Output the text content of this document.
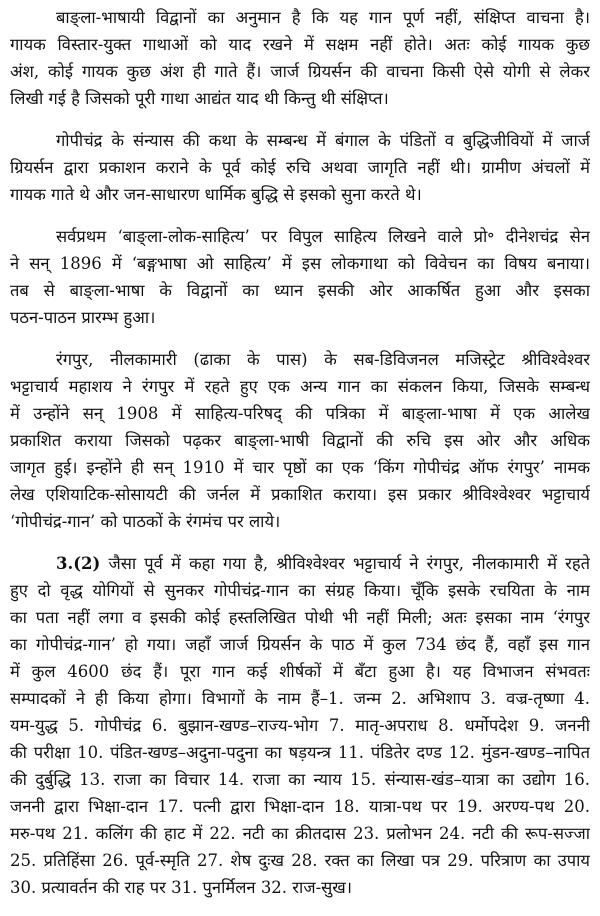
बाङ्ला-भाषायी विद्वानों का अनुमान है कि यह गान पूर्ण नहीं, संक्षिप्त वाचना है।
गायक विस्तार-युक्त गाथाओं को याद रखने में सक्षम नहीं होते। अतः कोई गायक कुछ
अंश, कोई गायक कुछ अंश ही गाते हैं। जार्ज ग्रियर्सन की वाचना किसी ऐसे योगी से लेकर
लिखी गई है जिसको पूरी गाथा आद्यंत याद थी किन्तु थी संक्षिप्त।
गोपीचंद्र के संन्यास की कथा के सम्बन्ध में बंगाल के पंडितों व बुद्धिजीवियों में जार्ज
ग्रियर्सन द्वारा प्रकाशन कराने के पूर्व कोई रुचि अथवा जागृति नहीं थी। ग्रामीण अंचलों में
गायक गाते थे और जन-साधारण धार्मिक बुद्धि से इसको सुना करते थे।
सर्वप्रथम ‘बाङ्ला-लोक-साहित्य’ पर विपुल साहित्य लिखने वाले प्रो॰ दीनेशचंद्र सेन
ने सन् 1896 में ‘बङ्गभाषा ओ साहित्य’ में इस लोकगाथा को विवेचन का विषय बनाया।
तब से बाङ्ला-भाषा के विद्वानों का ध्यान इसकी ओर आकर्षित हुआ और इसका
पठन-पाठन प्रारम्भ हुआ।
रंगपुर, नीलकामारी (ढाका के पास) के सब-डिविजनल मजिस्ट्रेट श्रीविश्वेश्वर
भट्टाचार्य महाशय ने रंगपुर में रहते हुए एक अन्य गान का संकलन किया, जिसके सम्बन्ध
में उन्होंने सन् 1908 में साहित्य-परिषद् की पत्रिका में बाङ्ला-भाषा में एक आलेख
प्रकाशित कराया जिसको पढ़कर बाङ्ला-भाषी विद्वानों की रुचि इस ओर और अधिक
जागृत हुई। इन्होंने ही सन् 1910 में चार पृष्ठों का एक ‘किंग गोपीचंद्र ऑफ रंगपुर’ नामक
लेख एशियाटिक-सोसायटी की जर्नल में प्रकाशित कराया। इस प्रकार श्रीविश्वेश्वर भट्टाचार्य
‘गोपीचंद्र-गान’ को पाठकों के रंगमंच पर लाये।
3.(2) जैसा पूर्व में कहा गया है, श्रीविश्वेश्वर भट्टाचार्य ने रंगपुर, नीलकामारी में रहते
हुए दो वृद्ध योगियों से सुनकर गोपीचंद्र-गान का संग्रह किया। चूँकि इसके रचयिता के नाम
का पता नहीं लगा व इसकी कोई हस्तलिखित पोथी भी नहीं मिली; अतः इसका नाम ‘रंगपुर
का गोपीचंद्र-गान’ हो गया। जहाँ जार्ज ग्रियर्सन के पाठ में कुल 734 छंद हैं, वहाँ इस गान
में कुल 4600 छंद हैं। पूरा गान कई शीर्षकों में बँटा हुआ है। यह विभाजन संभवतः
सम्पादकों ने ही किया होगा। विभागों के नाम हैं–1. जन्म 2. अभिशाप 3. वज्र-तृष्णा 4.
यम-युद्ध 5. गोपीचंद्र 6. बुझान-खण्ड–राज्य-भोग 7. मातृ-अपराध 8. धर्मोपदेश 9. जननी
की परीक्षा 10. पंडित-खण्ड–अदुना-पदुना का षड़यन्त्र 11. पंडितेर दण्ड 12. मुंडन-खण्ड–नापित
की दुर्बुद्धि 13. राजा का विचार 14. राजा का न्याय 15. संन्यास-खंड–यात्रा का उद्योग 16.
जननी द्वारा भिक्षा-दान 17. पत्नी द्वारा भिक्षा-दान 18. यात्रा-पथ पर 19. अरण्य-पथ 20.
मरु-पथ 21. कलिंग की हाट में 22. नटी का क्रीतदास 23. प्रलोभन 24. नटी की रूप-सज्जा
25. प्रतिहिंसा 26. पूर्व-स्मृति 27. शेष दुःख 28. रक्त का लिखा पत्र 29. परित्राण का उपाय
30. प्रत्यावर्तन की राह पर 31. पुनर्मिलन 32. राज-सुख।
